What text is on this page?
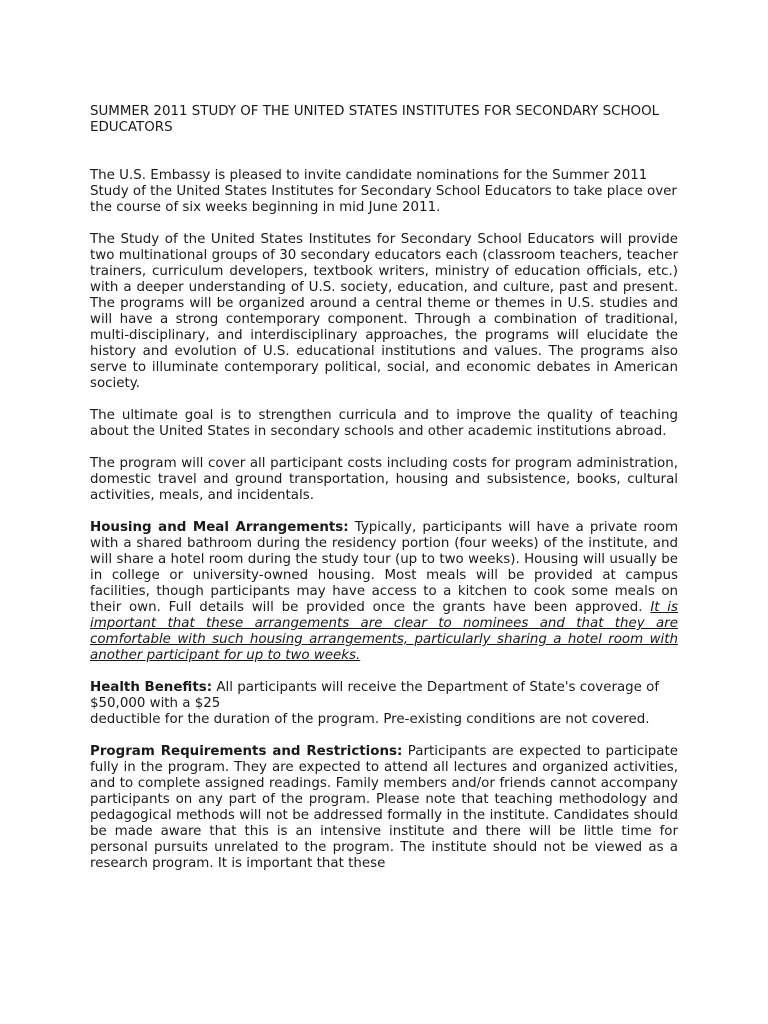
SUMMER 2011 STUDY OF THE UNITED STATES INSTITUTES FOR SECONDARY SCHOOL EDUCATORS

The U.S. Embassy is pleased to invite candidate nominations for the Summer 2011 Study of the United States Institutes for Secondary School Educators to take place over the course of six weeks beginning in mid June 2011.

The Study of the United States Institutes for Secondary School Educators will provide two multinational groups of 30 secondary educators each (classroom teachers, teacher trainers, curriculum developers, textbook writers, ministry of education officials, etc.) with a deeper understanding of U.S. society, education, and culture, past and present. The programs will be organized around a central theme or themes in U.S. studies and will have a strong contemporary component. Through a combination of traditional, multi-disciplinary, and interdisciplinary approaches, the programs will elucidate the history and evolution of U.S. educational institutions and values. The programs also serve to illuminate contemporary political, social, and economic debates in American society.

The ultimate goal is to strengthen curricula and to improve the quality of teaching about the United States in secondary schools and other academic institutions abroad.

The program will cover all participant costs including costs for program administration, domestic travel and ground transportation, housing and subsistence, books, cultural activities, meals, and incidentals.

Housing and Meal Arrangements: Typically, participants will have a private room with a shared bathroom during the residency portion (four weeks) of the institute, and will share a hotel room during the study tour (up to two weeks). Housing will usually be in college or university-owned housing. Most meals will be provided at campus facilities, though participants may have access to a kitchen to cook some meals on their own. Full details will be provided once the grants have been approved. It is important that these arrangements are clear to nominees and that they are comfortable with such housing arrangements, particularly sharing a hotel room with another participant for up to two weeks.

Health Benefits: All participants will receive the Department of State's coverage of $50,000 with a $25
deductible for the duration of the program. Pre-existing conditions are not covered.

Program Requirements and Restrictions: Participants are expected to participate fully in the program. They are expected to attend all lectures and organized activities, and to complete assigned readings. Family members and/or friends cannot accompany participants on any part of the program. Please note that teaching methodology and pedagogical methods will not be addressed formally in the institute. Candidates should be made aware that this is an intensive institute and there will be little time for personal pursuits unrelated to the program. The institute should not be viewed as a research program. It is important that these
